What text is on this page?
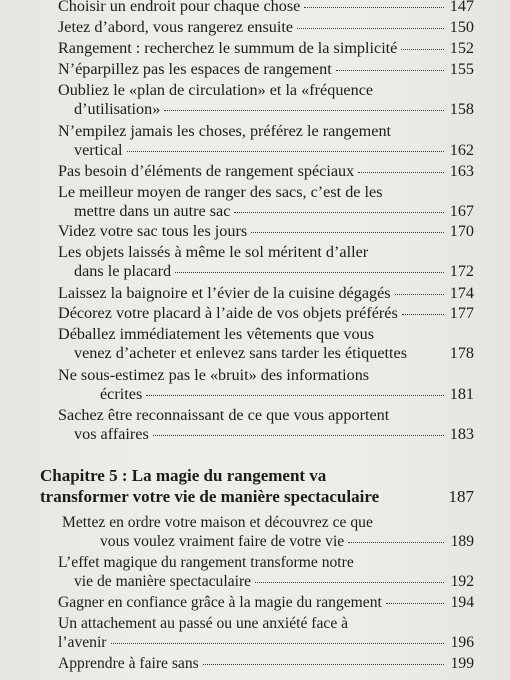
Choisir un endroit pour chaque chose	147
Jetez d’abord, vous rangerez ensuite	150
Rangement : recherchez le summum de la simplicité	152
N’éparpillez pas les espaces de rangement	155
Oubliez le «plan de circulation» et la «fréquence
d’utilisation»	158
N’empilez jamais les choses, préférez le rangement
vertical	162
Pas besoin d’éléments de rangement spéciaux	163
Le meilleur moyen de ranger des sacs, c’est de les
mettre dans un autre sac	167
Videz votre sac tous les jours	170
Les objets laissés à même le sol méritent d’aller
dans le placard	172
Laissez la baignoire et l’évier de la cuisine dégagés	174
Décorez votre placard à l’aide de vos objets préférés	177
Déballez immédiatement les vêtements que vous
venez d’acheter et enlevez sans tarder les étiquettes	178
Ne sous-estimez pas le «bruit» des informations
écrites	181
Sachez être reconnaissant de ce que vous apportent
vos affaires	183
Chapitre 5 : La magie du rangement va
transformer votre vie de manière spectaculaire	187
Mettez en ordre votre maison et découvrez ce que
vous voulez vraiment faire de votre vie	189
L’effet magique du rangement transforme notre
vie de manière spectaculaire	192
Gagner en confiance grâce à la magie du rangement	194
Un attachement au passé ou une anxiété face à
l’avenir	196
Apprendre à faire sans	199
